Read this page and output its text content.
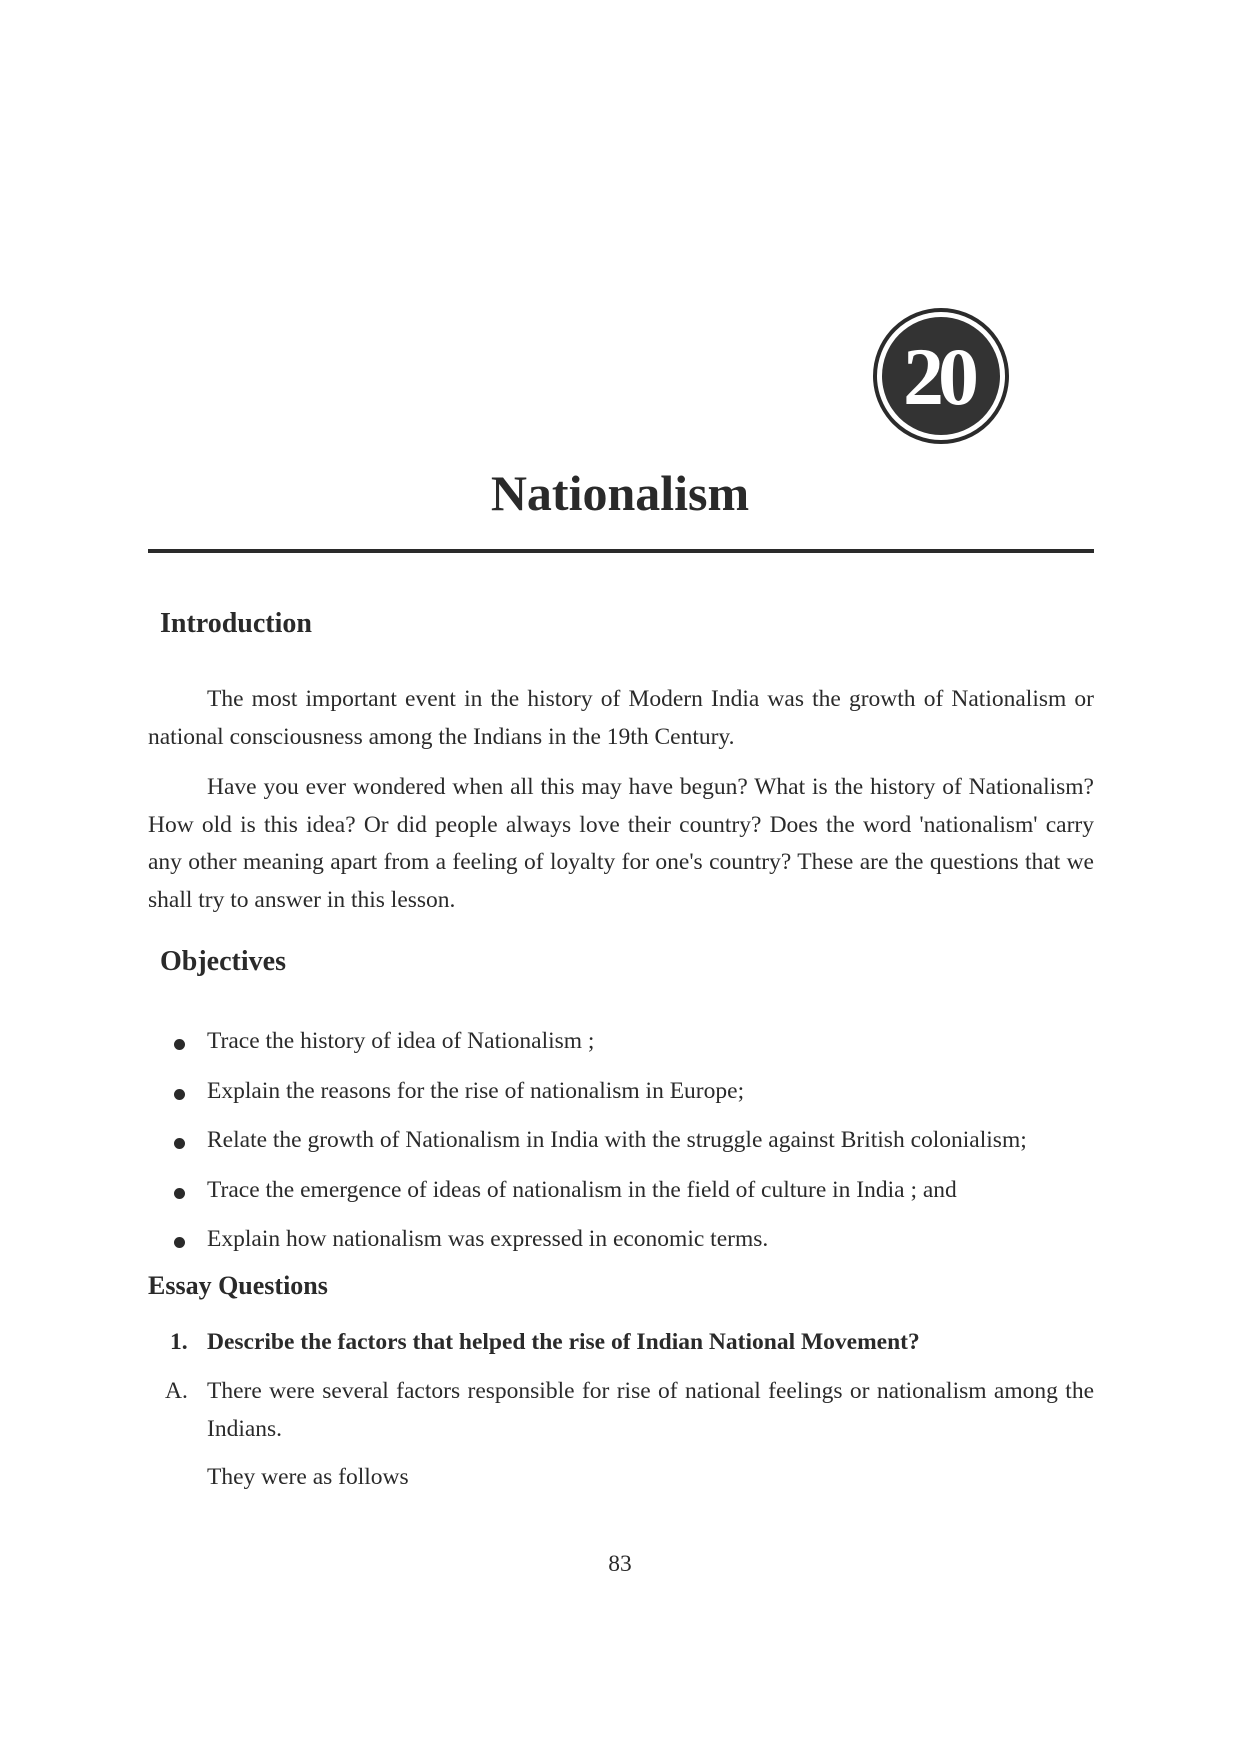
20
Nationalism
Introduction

The most important event in the history of Modern India was the growth of Nationalism or national consciousness among the Indians in the 19th Century.

Have you ever wondered when all this may have begun? What is the history of Nationalism? How old is this idea? Or did people always love their country? Does the word 'nationalism' carry any other meaning apart from a feeling of loyalty for one's country? These are the questions that we shall try to answer in this lesson.

Objectives
Trace the history of idea of Nationalism ;
Explain the reasons for the rise of nationalism in Europe;
Relate the growth of Nationalism in India with the struggle against British colonialism;
Trace the emergence of ideas of nationalism in the field of culture in India ; and
Explain how nationalism was expressed in economic terms.
Essay Questions
1. Describe the factors that helped the rise of Indian National Movement?
A. There were several factors responsible for rise of national feelings or nationalism among the Indians.
They were as follows
83
